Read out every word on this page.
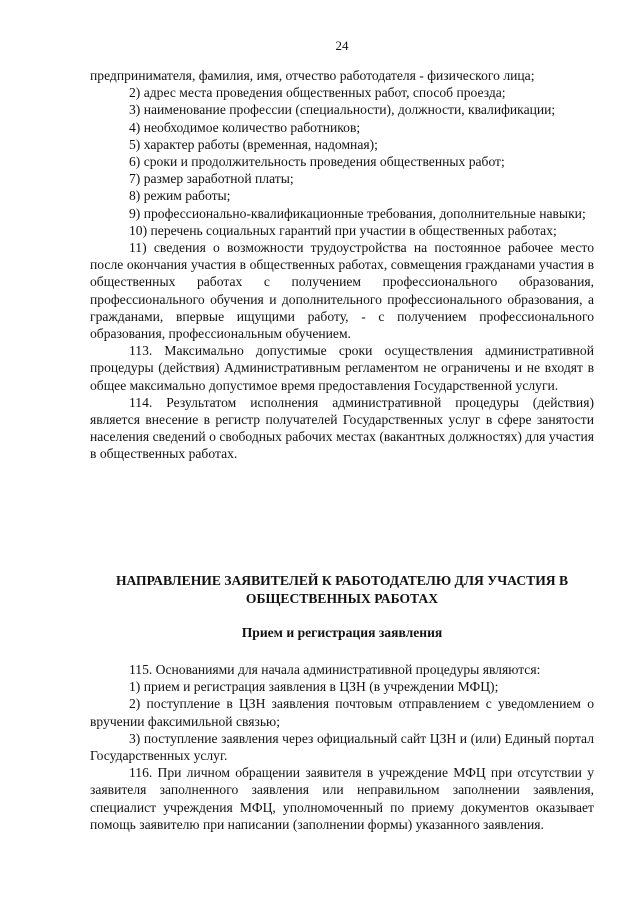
24

предпринимателя, фамилия, имя, отчество работодателя - физического лица;

2) адрес места проведения общественных работ, способ проезда;

3) наименование профессии (специальности), должности, квалификации;

4) необходимое количество работников;

5) характер работы (временная, надомная);

6) сроки и продолжительность проведения общественных работ;

7) размер заработной платы;

8) режим работы;

9) профессионально-квалификационные требования, дополнительные навыки;

10) перечень социальных гарантий при участии в общественных работах;

11) сведения о возможности трудоустройства на постоянное рабочее место после окончания участия в общественных работах, совмещения гражданами участия в общественных работах с получением профессионального образования, профессионального обучения и дополнительного профессионального образования, а гражданами, впервые ищущими работу, - с получением профессионального образования, профессиональным обучением.

113. Максимально допустимые сроки осуществления административной процедуры (действия) Административным регламентом не ограничены и не входят в общее максимально допустимое время предоставления Государственной услуги.

114. Результатом исполнения административной процедуры (действия) является внесение в регистр получателей Государственных услуг в сфере занятости населения сведений о свободных рабочих местах (вакантных должностях) для участия в общественных работах.

НАПРАВЛЕНИЕ ЗАЯВИТЕЛЕЙ К РАБОТОДАТЕЛЮ ДЛЯ УЧАСТИЯ В ОБЩЕСТВЕННЫХ РАБОТАХ
Прием и регистрация заявления

115. Основаниями для начала административной процедуры являются:

1) прием и регистрация заявления в ЦЗН (в учреждении МФЦ);

2) поступление в ЦЗН заявления почтовым отправлением с уведомлением о вручении факсимильной связью;

3) поступление заявления через официальный сайт ЦЗН и (или) Единый портал Государственных услуг.

116. При личном обращении заявителя в учреждение МФЦ при отсутствии у заявителя заполненного заявления или неправильном заполнении заявления, специалист учреждения МФЦ, уполномоченный по приему документов оказывает помощь заявителю при написании (заполнении формы) указанного заявления.
